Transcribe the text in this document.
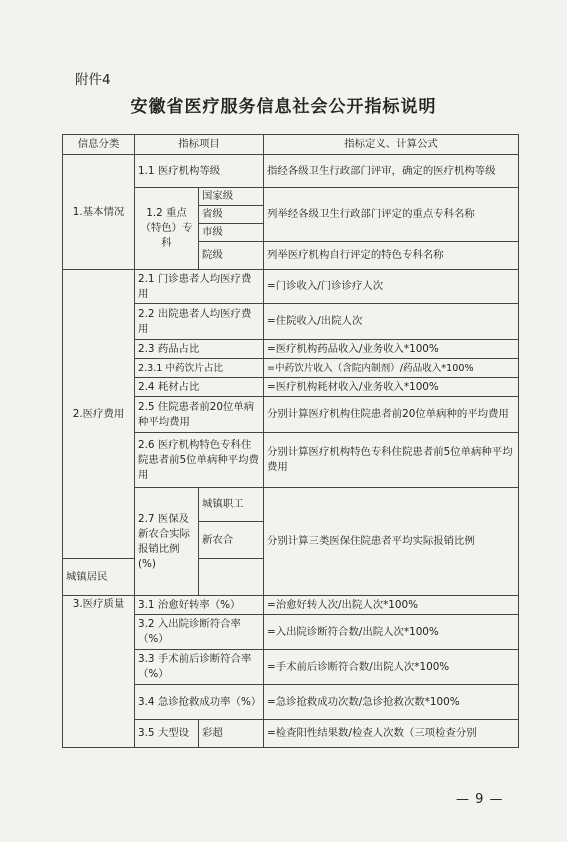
附件4
安徽省医疗服务信息社会公开指标说明
信息分类	指标项目		指标定义、计算公式
1.基本情况	1.1 医疗机构等级		指经各级卫生行政部门评审，确定的医疗机构等级
	1.2 重点（特色）专科	国家级	列举经各级卫生行政部门评定的重点专科名称
		省级	
		市级	
		院级	列举医疗机构自行评定的特色专科名称
2.医疗费用	2.1 门诊患者人均医疗费用		=门诊收入/门诊诊疗人次
	2.2 出院患者人均医疗费用		=住院收入/出院人次
	2.3 药品占比		=医疗机构药品收入/业务收入*100%
	2.3.1 中药饮片占比		=中药饮片收入（含院内制剂）/药品收入*100%
	2.4 耗材占比		=医疗机构耗材收入/业务收入*100%
	2.5 住院患者前20位单病种平均费用		分别计算医疗机构住院患者前20位单病种的平均费用
	2.6 医疗机构特色专科住院患者前5位单病种平均费用		分别计算医疗机构特色专科住院患者前5位单病种平均费用
	2.7 医保及新农合实际报销比例(%)	城镇职工	分别计算三类医保住院患者平均实际报销比例
		新农合	
城镇居民			
3.医疗质量	3.1 治愈好转率（%）		=治愈好转人次/出院人次*100%
	3.2 入出院诊断符合率（%）		=入出院诊断符合数/出院人次*100%
	3.3 手术前后诊断符合率（%）		=手术前后诊断符合数/出院人次*100%
	3.4 急诊抢救成功率（%）		=急诊抢救成功次数/急诊抢救次数*100%
	3.5 大型设	彩超	=检查阳性结果数/检查人次数（三项检查分别
— 9 —
